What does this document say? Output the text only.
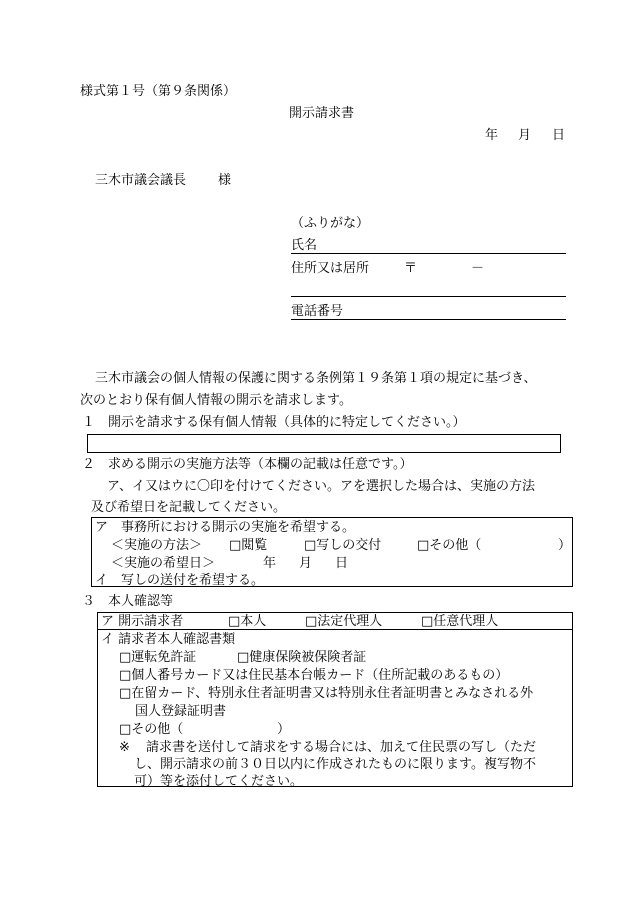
様式第１号（第９条関係）
開示請求書
年 月 日
三木市議会議長 様
（ふりがな）
氏名
住所又は居所	〒	－
電話番号
三木市議会の個人情報の保護に関する条例第１９条第１項の規定に基づき、
次のとおり保有個人情報の開示を請求します。
１　開示を請求する保有個人情報（具体的に特定してください。）
２　求める開示の実施方法等（本欄の記載は任意です。）
ア、イ又はウに〇印を付けてください。アを選択した場合は、実施の方法
及び希望日を記載してください。
ア　事務所における開示の実施を希望する。
＜実施の方法＞ □閲覧	□写しの交付	□その他（	）
＜実施の希望日＞	年 月 日
イ　写しの送付を希望する。
３　本人確認等
ア 開示請求者	□本人	□法定代理人	□任意代理人
イ 請求者本人確認書類
□運転免許証	□健康保険被保険者証
□個人番号カード又は住民基本台帳カード（住所記載のあるもの）
□在留カード、特別永住者証明書又は特別永住者証明書とみなされる外
国人登録証明書
□その他（	）
※ 請求書を送付して請求をする場合には、加えて住民票の写し（ただ
し、開示請求の前３０日以内に作成されたものに限ります。複写物不
可）等を添付してください。
